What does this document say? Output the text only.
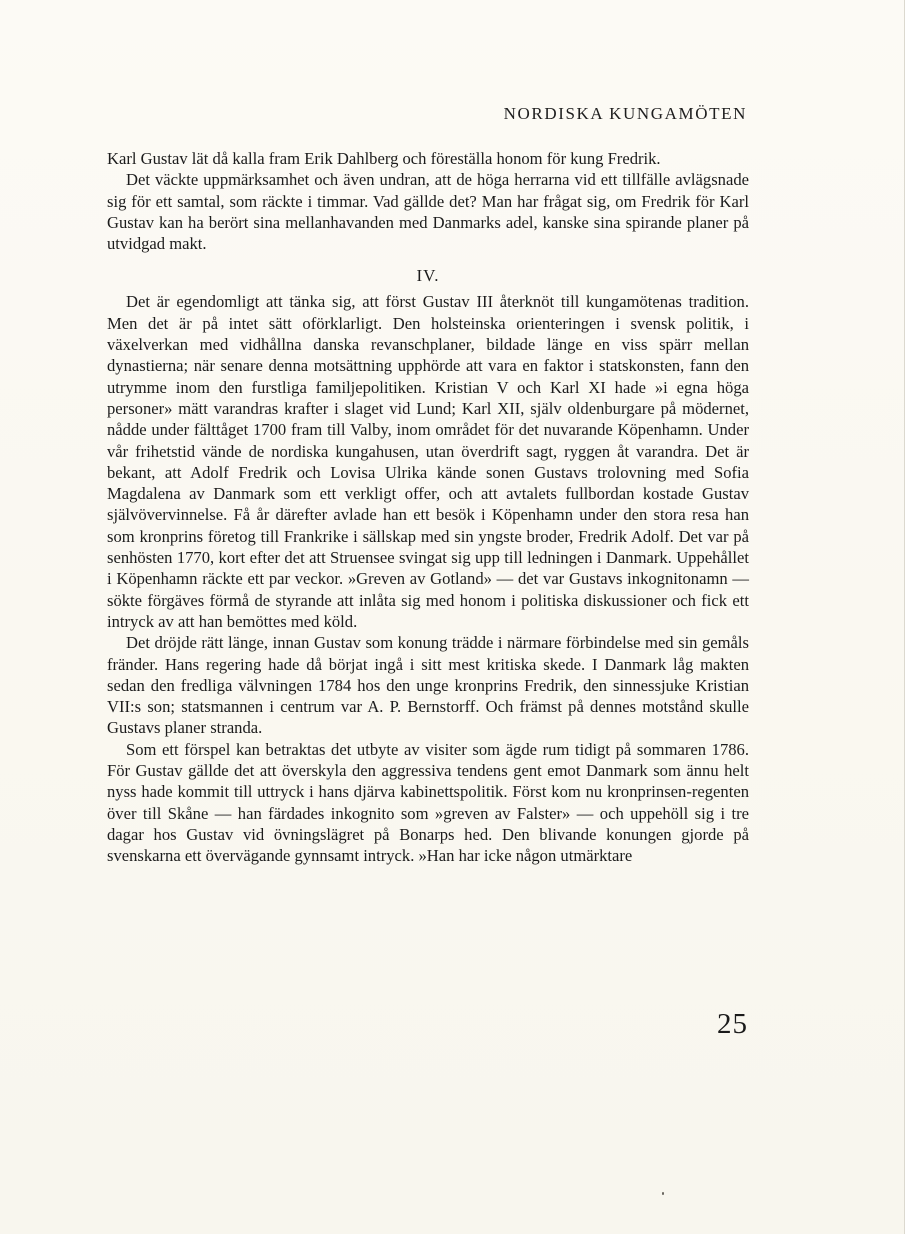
NORDISKA KUNGAMÖTEN

Karl Gustav lät då kalla fram Erik Dahlberg och föreställa honom för kung Fredrik.

Det väckte uppmärksamhet och även undran, att de höga herrarna vid ett tillfälle avlägsnade sig för ett samtal, som räckte i timmar. Vad gällde det? Man har frågat sig, om Fredrik för Karl Gustav kan ha berört sina mellanhavanden med Danmarks adel, kanske sina spirande planer på utvidgad makt.

IV.

Det är egendomligt att tänka sig, att först Gustav III återknöt till kungamötenas tradition. Men det är på intet sätt oförklarligt. Den holsteinska orienteringen i svensk politik, i växelverkan med vidhållna danska revanschplaner, bildade länge en viss spärr mellan dynastierna; när senare denna motsättning upphörde att vara en faktor i statskonsten, fann den utrymme inom den furstliga familjepolitiken. Kristian V och Karl XI hade »i egna höga personer» mätt varandras krafter i slaget vid Lund; Karl XII, själv oldenburgare på mödernet, nådde under fälttåget 1700 fram till Valby, inom området för det nuvarande Köpenhamn. Under vår frihetstid vände de nordiska kungahusen, utan överdrift sagt, ryggen åt varandra. Det är bekant, att Adolf Fredrik och Lovisa Ulrika kände sonen Gustavs trolovning med Sofia Magdalena av Danmark som ett verkligt offer, och att avtalets fullbordan kostade Gustav självövervinnelse. Få år därefter avlade han ett besök i Köpenhamn under den stora resa han som kronprins företog till Frankrike i sällskap med sin yngste broder, Fredrik Adolf. Det var på senhösten 1770, kort efter det att Struensee svingat sig upp till ledningen i Danmark. Uppehållet i Köpenhamn räckte ett par veckor. »Greven av Gotland» — det var Gustavs inkognitonamn — sökte förgäves förmå de styrande att inlåta sig med honom i politiska diskussioner och fick ett intryck av att han bemöttes med köld.

Det dröjde rätt länge, innan Gustav som konung trädde i närmare förbindelse med sin gemåls fränder. Hans regering hade då börjat ingå i sitt mest kritiska skede. I Danmark låg makten sedan den fredliga välvningen 1784 hos den unge kronprins Fredrik, den sinnessjuke Kristian VII:s son; statsmannen i centrum var A. P. Bernstorff. Och främst på dennes motstånd skulle Gustavs planer stranda.

Som ett förspel kan betraktas det utbyte av visiter som ägde rum tidigt på sommaren 1786. För Gustav gällde det att överskyla den aggressiva tendens gent emot Danmark som ännu helt nyss hade kommit till uttryck i hans djärva kabinettspolitik. Först kom nu kronprinsen-regenten över till Skåne — han färdades inkognito som »greven av Falster» — och uppehöll sig i tre dagar hos Gustav vid övningslägret på Bonarps hed. Den blivande konungen gjorde på svenskarna ett övervägande gynnsamt intryck. »Han har icke någon utmärktare

25
